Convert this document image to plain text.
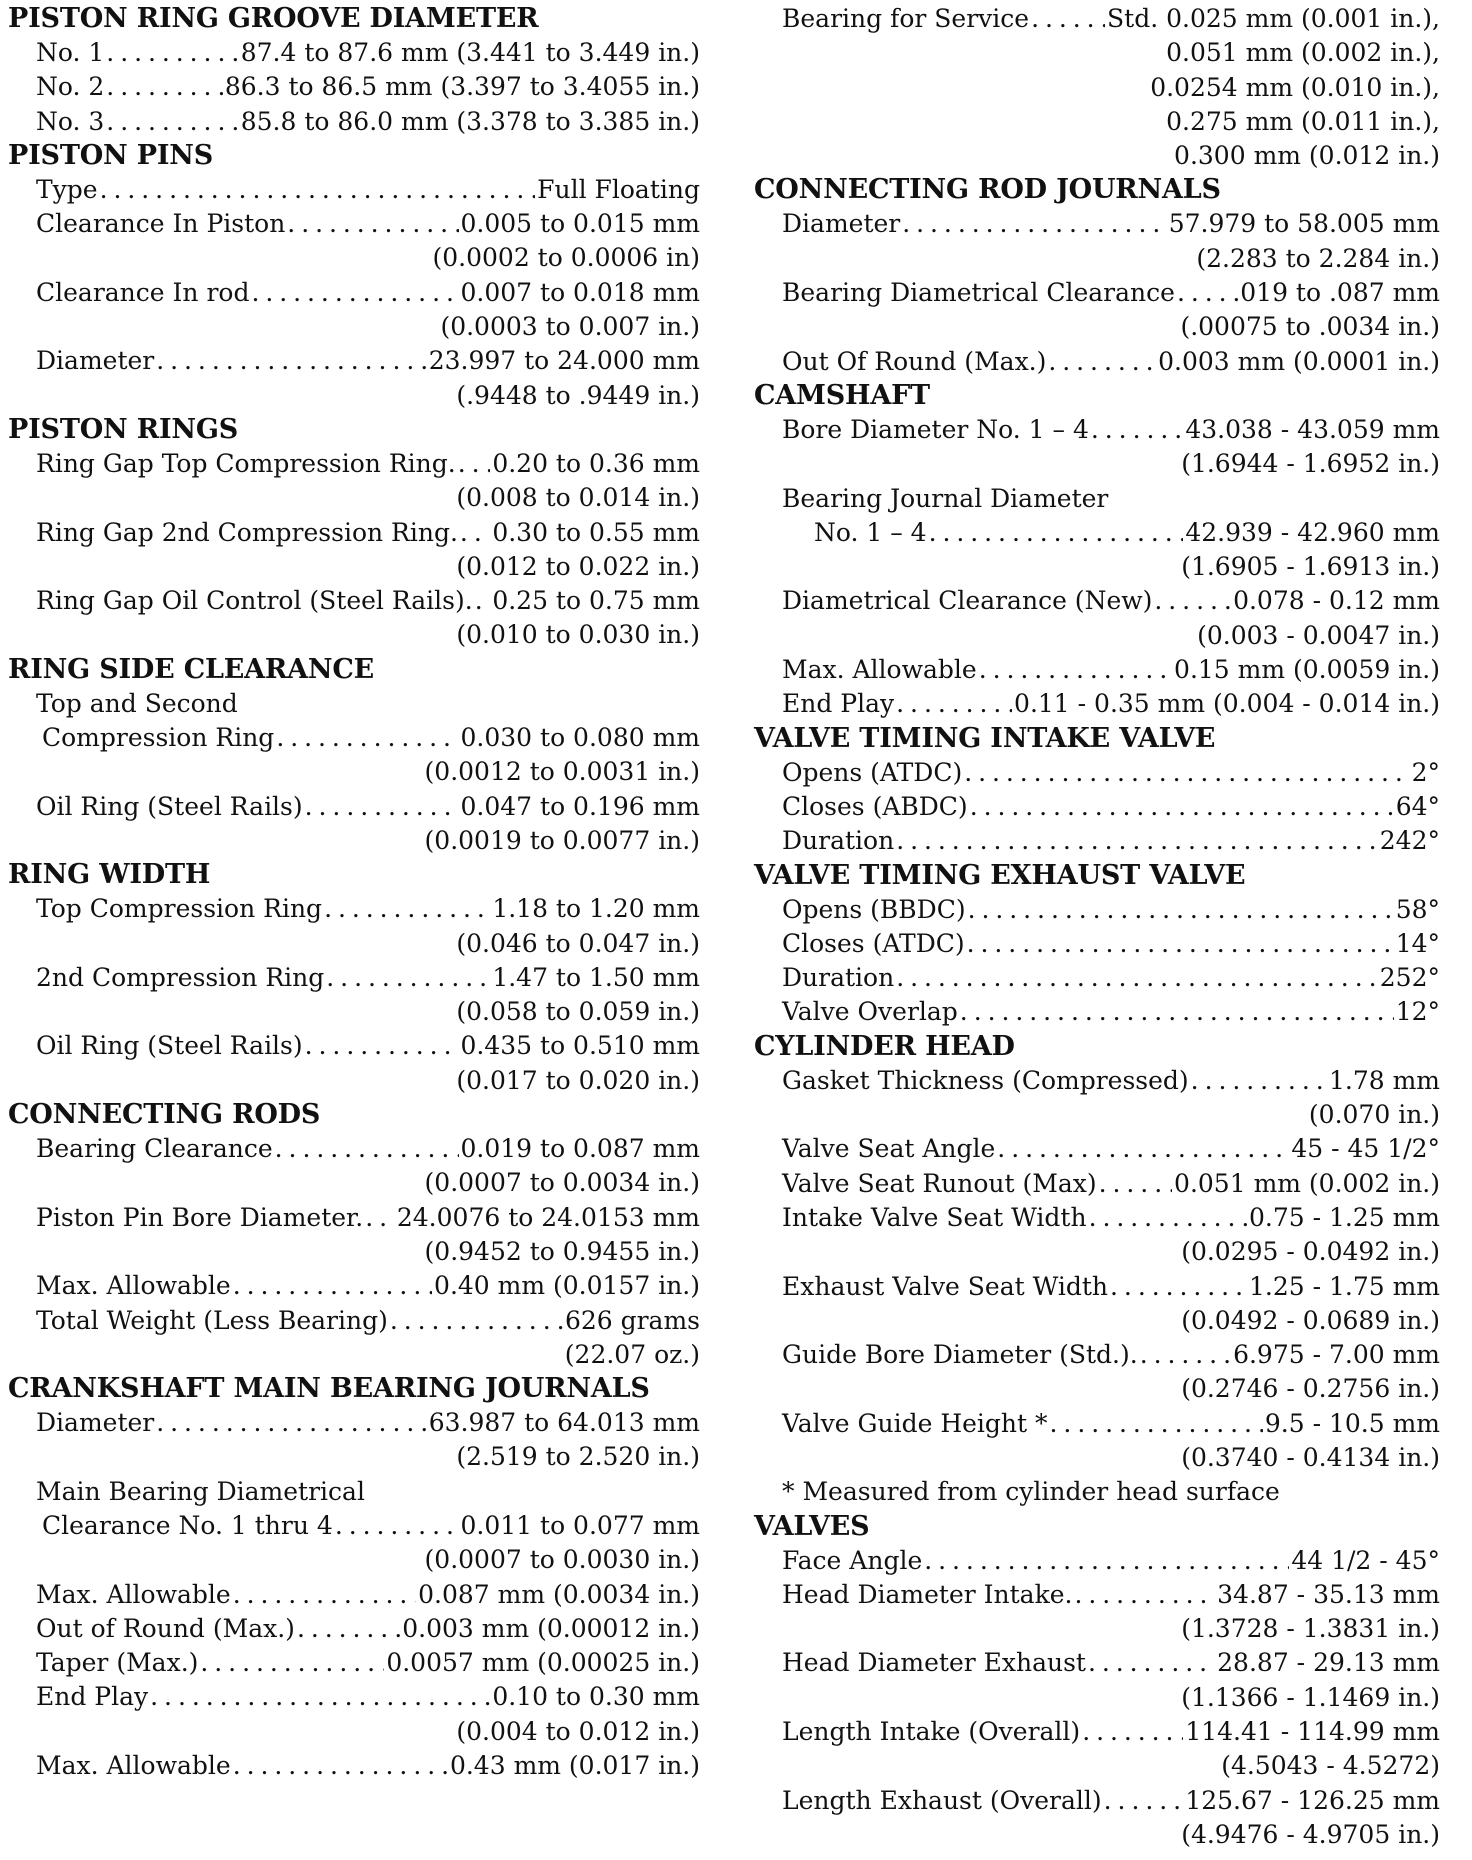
PISTON RING GROOVE DIAMETER
No. 1 . . .	87.4 to 87.6 mm (3.441 to 3.449 in.)
No. 2 . . .	86.3 to 86.5 mm (3.397 to 3.4055 in.)
No. 3 . . .	85.8 to 86.0 mm (3.378 to 3.385 in.)
PISTON PINS
Type . . .	Full Floating
Clearance In Piston . . .	0.005 to 0.015 mm
(0.0002 to 0.0006 in)
Clearance In rod . . .	0.007 to 0.018 mm
(0.0003 to 0.007 in.)
Diameter . . .	23.997 to 24.000 mm
(.9448 to .9449 in.)
PISTON RINGS
Ring Gap Top Compression Ring. . . . 0.20 to 0.36 mm
(0.008 to 0.014 in.)
Ring Gap 2nd Compression Ring. . . . 0.30 to 0.55 mm
(0.012 to 0.022 in.)
Ring Gap Oil Control (Steel Rails). . . . 0.25 to 0.75 mm
(0.010 to 0.030 in.)
RING SIDE CLEARANCE
Top and Second
Compression Ring . . .	0.030 to 0.080 mm
(0.0012 to 0.0031 in.)
Oil Ring (Steel Rails) . . .	0.047 to 0.196 mm
(0.0019 to 0.0077 in.)
RING WIDTH
Top Compression Ring . . .	1.18 to 1.20 mm
(0.046 to 0.047 in.)
2nd Compression Ring . . .	1.47 to 1.50 mm
(0.058 to 0.059 in.)
Oil Ring (Steel Rails) . . .	0.435 to 0.510 mm
(0.017 to 0.020 in.)
CONNECTING RODS
Bearing Clearance . . .	0.019 to 0.087 mm
(0.0007 to 0.0034 in.)
Piston Pin Bore Diameter. . . . 24.0076 to 24.0153 mm
(0.9452 to 0.9455 in.)
Max. Allowable . . .	0.40 mm (0.0157 in.)
Total Weight (Less Bearing) . . .	626 grams
(22.07 oz.)
CRANKSHAFT MAIN BEARING JOURNALS
Diameter . . .	63.987 to 64.013 mm
(2.519 to 2.520 in.)
Main Bearing Diametrical
Clearance No. 1 thru 4 . . .	0.011 to 0.077 mm
(0.0007 to 0.0030 in.)
Max. Allowable . . .	0.087 mm (0.0034 in.)
Out of Round (Max.) . . .	0.003 mm (0.00012 in.)
Taper (Max.) . . .	0.0057 mm (0.00025 in.)
End Play . . .	0.10 to 0.30 mm
(0.004 to 0.012 in.)
Max. Allowable . . .	0.43 mm (0.017 in.)
Bearing for Service . . .	Std. 0.025 mm (0.001 in.),
0.051 mm (0.002 in.),
0.0254 mm (0.010 in.),
0.275 mm (0.011 in.),
0.300 mm (0.012 in.)
CONNECTING ROD JOURNALS
Diameter . . .	57.979 to 58.005 mm
(2.283 to 2.284 in.)
Bearing Diametrical Clearance . . . .019 to .087 mm
(.00075 to .0034 in.)
Out Of Round (Max.) . . .	0.003 mm (0.0001 in.)
CAMSHAFT
Bore Diameter No. 1 – 4 . . .	43.038 - 43.059 mm
(1.6944 - 1.6952 in.)
Bearing Journal Diameter
No. 1 – 4 . . .	42.939 - 42.960 mm
(1.6905 - 1.6913 in.)
Diametrical Clearance (New) . . .	0.078 - 0.12 mm
(0.003 - 0.0047 in.)
Max. Allowable . . .	0.15 mm (0.0059 in.)
End Play . . .	0.11 - 0.35 mm (0.004 - 0.014 in.)
VALVE TIMING INTAKE VALVE
Opens (ATDC) . . .	2°
Closes (ABDC) . . .	64°
Duration . . .	242°
VALVE TIMING EXHAUST VALVE
Opens (BBDC) . . .	58°
Closes (ATDC) . . .	14°
Duration . . .	252°
Valve Overlap . . .	12°
CYLINDER HEAD
Gasket Thickness (Compressed) . . .	1.78 mm
(0.070 in.)
Valve Seat Angle . . .	45 - 45 1/2°
Valve Seat Runout (Max) . . .	0.051 mm (0.002 in.)
Intake Valve Seat Width . . .	0.75 - 1.25 mm
(0.0295 - 0.0492 in.)
Exhaust Valve Seat Width . . .	1.25 - 1.75 mm
(0.0492 - 0.0689 in.)
Guide Bore Diameter (Std.). . . .	6.975 - 7.00 mm
(0.2746 - 0.2756 in.)
Valve Guide Height * . . .	9.5 - 10.5 mm
(0.3740 - 0.4134 in.)
* Measured from cylinder head surface
VALVES
Face Angle . . .	44 1/2 - 45°
Head Diameter Intake. . . .	34.87 - 35.13 mm
(1.3728 - 1.3831 in.)
Head Diameter Exhaust . . .	28.87 - 29.13 mm
(1.1366 - 1.1469 in.)
Length Intake (Overall) . . .	114.41 - 114.99 mm
(4.5043 - 4.5272)
Length Exhaust (Overall) . . .	125.67 - 126.25 mm
(4.9476 - 4.9705 in.)
